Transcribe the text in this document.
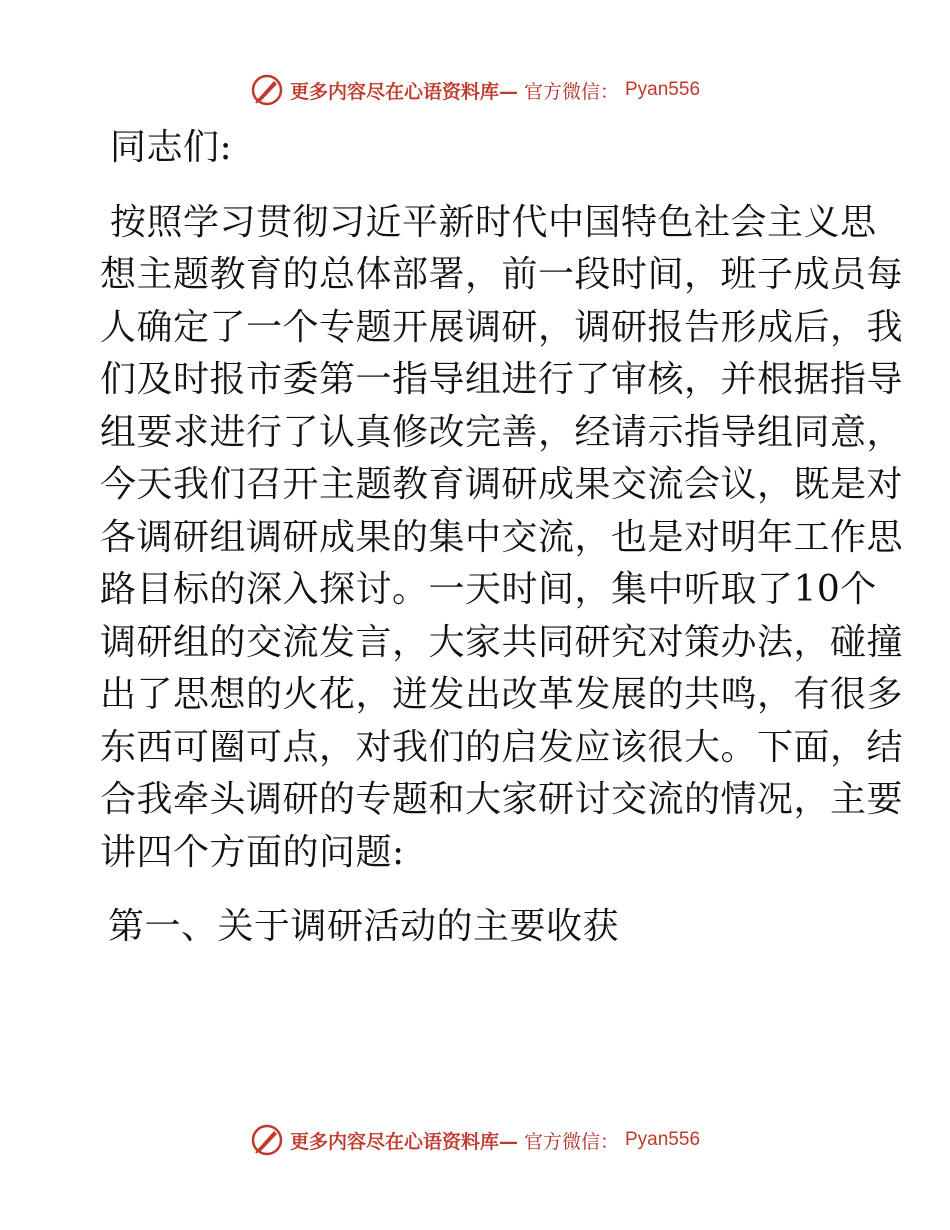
更多内容尽在心语资料库— 官方微信： Pyan556
同志们:
按照学习贯彻习近平新时代中国特色社会主义思
想主题教育的总体部署，前一段时间，班子成员每
人确定了一个专题开展调研，调研报告形成后，我
们及时报市委第一指导组进行了审核，并根据指导
组要求进行了认真修改完善，经请示指导组同意，
今天我们召开主题教育调研成果交流会议，既是对
各调研组调研成果的集中交流，也是对明年工作思
路目标的深入探讨。一天时间，集中听取了10个
调研组的交流发言，大家共同研究对策办法，碰撞
出了思想的火花，迸发出改革发展的共鸣，有很多
东西可圈可点，对我们的启发应该很大。下面，结
合我牵头调研的专题和大家研讨交流的情况，主要
讲四个方面的问题:
第一、关于调研活动的主要收获
更多内容尽在心语资料库— 官方微信： Pyan556
